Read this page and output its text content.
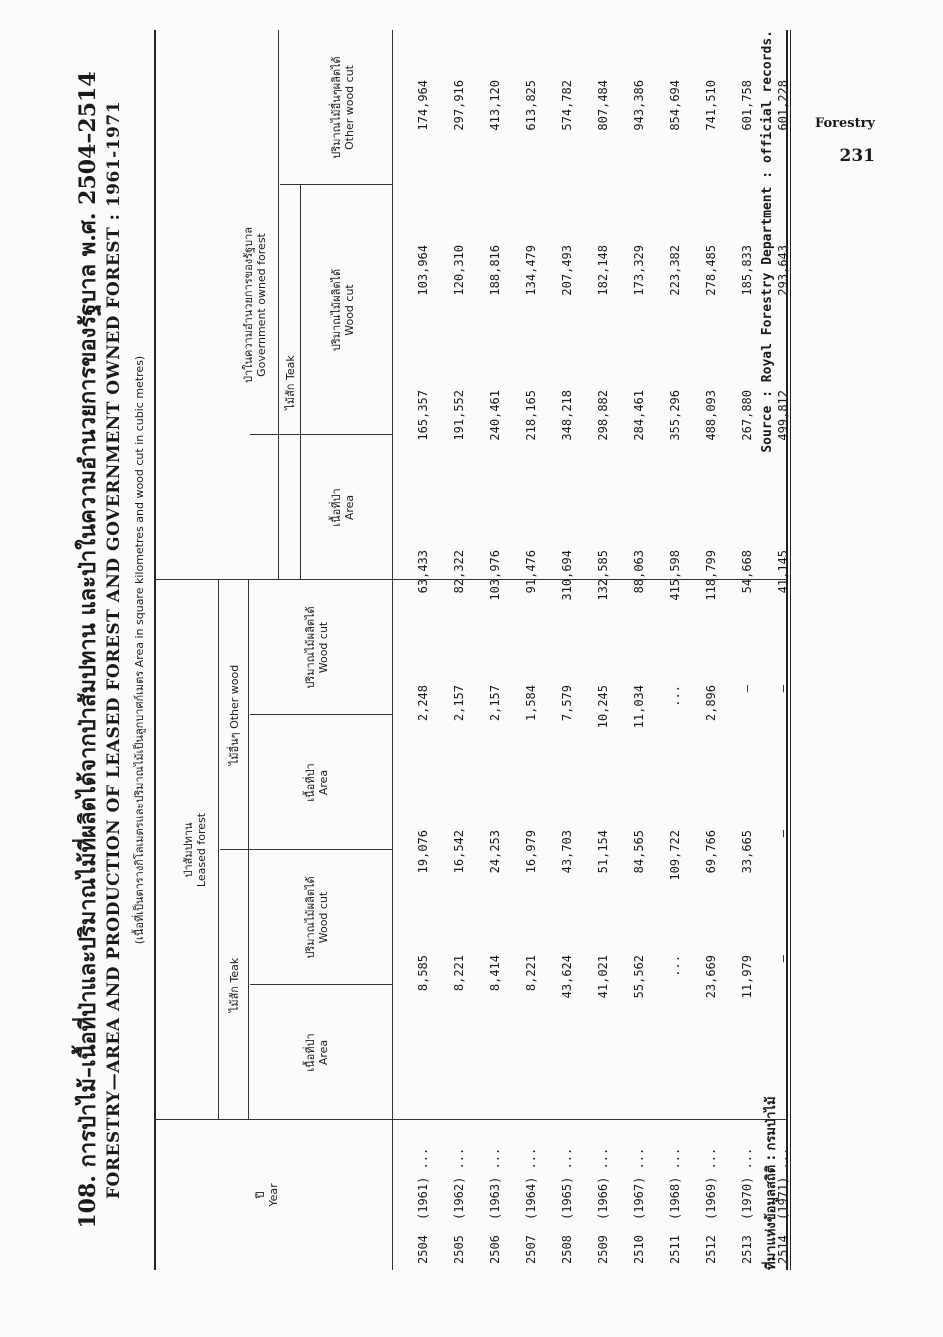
Forestry
231
108. การป่าไม้–เนื้อที่ป่าและปริมาณไม้ที่ผลิตได้จากป่าสัมปทาน และป่าในความอำนวยการของรัฐบาล พ.ศ. 2504–2514 FORESTRY—AREA AND PRODUCTION OF LEASED FOREST AND GOVERNMENT OWNED FOREST : 1961-1971 (เนื้อที่เป็นตารางกิโลเมตรและปริมาณไม้เป็นลูกบาศก์เมตร Area in square kilometres and wood cut in cubic metres)
ปี Year
ป่าสัมปทาน Leased forest
ไม้สัก Teak
ไม้อื่นๆ Other wood
เนื้อที่ป่า Area
ปริมาณไม้ผลิตได้ Wood cut
เนื้อที่ป่า Area
ปริมาณไม้ผลิตได้ Wood cut
ป่าในความอำนวยการของรัฐบาล Government owned forest
ไม้สัก Teak
เนื้อที่ป่า Area
ปริมาณไม้ผลิตได้ Wood cut
ปริมาณไม้อื่นๆผลิตได้ Other wood cut
2504
(1961) ...
8,585
19,076
2,248
63,433
165,357
103,964
174,964
2505
(1962) ...
8,221
16,542
2,157
82,322
191,552
120,310
297,916
2506
(1963) ...
8,414
24,253
2,157
103,976
240,461
188,816
413,120
2507
(1964) ...
8,221
16,979
1,584
91,476
218,165
134,479
613,825
2508
(1965) ...
43,624
43,703
7,579
310,694
348,218
207,493
574,782
2509
(1966) ...
41,021
51,154
10,245
132,585
298,882
182,148
807,484
2510
(1967) ...
55,562
84,565
11,034
88,063
284,461
173,329
943,386
2511
(1968) ...
...
109,722
...
415,598
355,296
223,382
854,694
2512
(1969) ...
23,669
69,766
2,896
118,799
488,093
278,485
741,510
2513
(1970) ...
11,979
33,665
—
54,668
267,880
185,833
601,758
2514
(1971) ...
—
—
—
41,145
499,812
293,643
601,228
ที่มาแห่งข้อมูลสถิติ : กรมป่าไม้
Source : Royal Forestry Department : official records.
